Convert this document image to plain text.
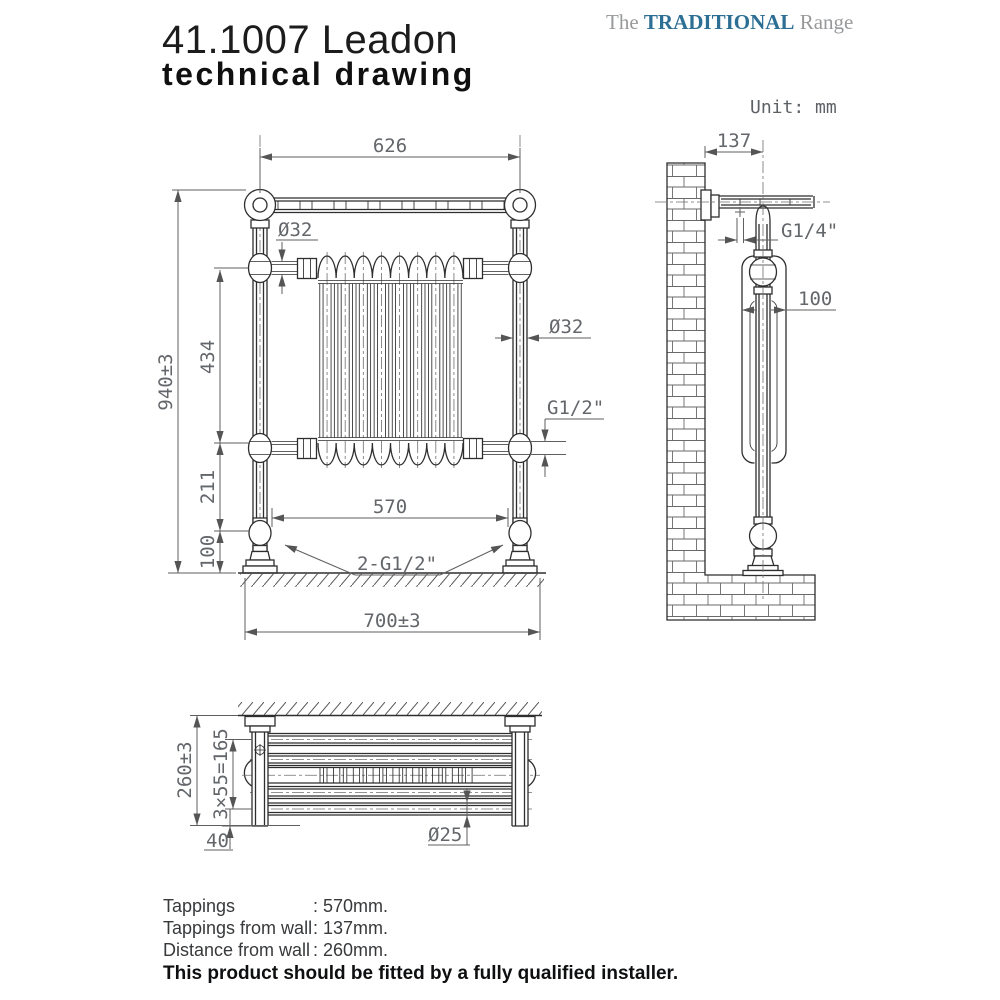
41.1007 Leadon
technical drawing
The TRADITIONAL Range
Unit: mm
626
940±3 434
211
100
Ø32
Ø32
G1/2"
570
2-G1/2"
700±3
137
G1/4"
100
260±3 3×55=165
40	Ø25
Tappings	: 570mm.
Tappings from wall: 137mm.
Distance from wall : 260mm.
This product should be fitted by a fully qualified installer.
